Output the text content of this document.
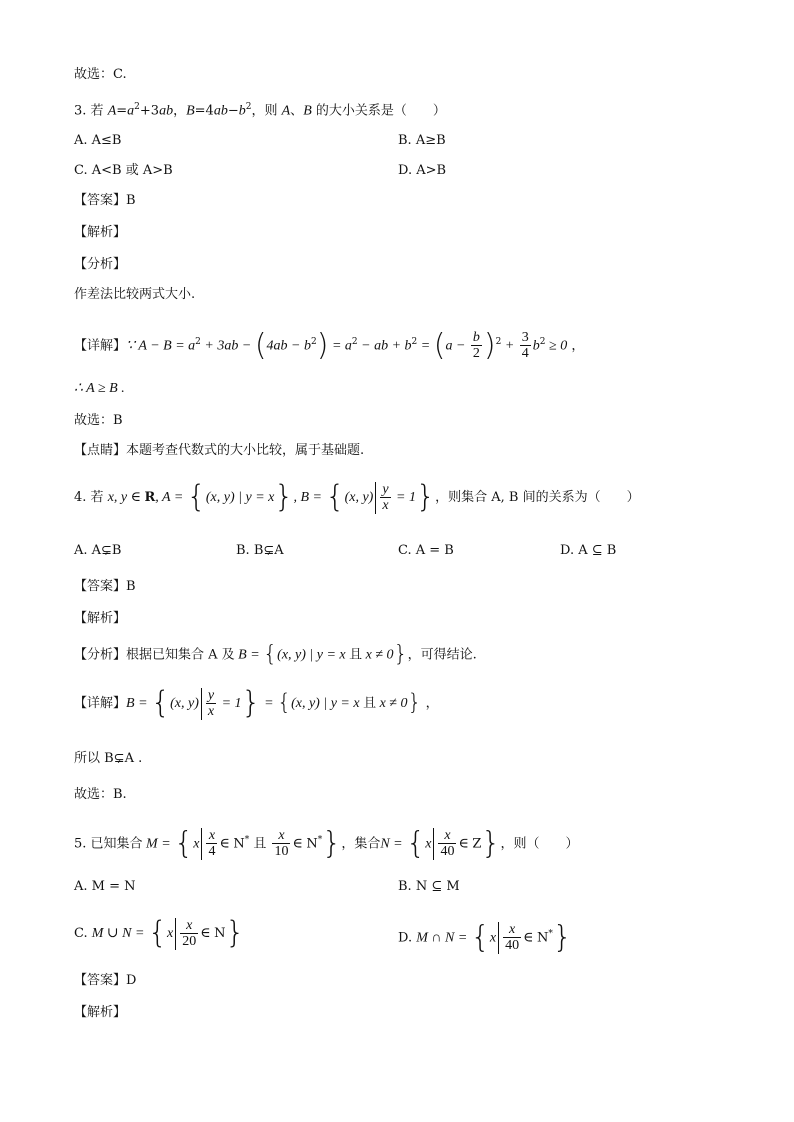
故选：C.
3. 若 $A=a^2+3ab$，$B=4ab-b^2$，则 A、B 的大小关系是（　　）
A. A≤B	B. A≥B
C. A<B 或 A>B	D. A>B
【答案】B
【解析】
【分析】
作差法比较两式大小.
【详解】∵ $A - B = a^2 + 3ab - (4ab - b^2) = a^2$ − ab + $b^2 = (a - \frac{b}{2} )^2 + \frac{3}{4} b^2 \ge 0$ ，
∴ A ≥ B .
故选：B
【点睛】本题考查代数式的大小比较，属于基础题.
4. 若 x, y ∈ R, A = {(x, y) | y = x}, B = {(x, $y) \frac{y}{x} = 1$}，则集合 A, B 间的关系为（　　）
A. A⊊B	B. B⊊A	C. A = B	D. A ⊆ B
【答案】B
【解析】
【分析】根据已知集合 A 及 B = {(x, y) | y = x 且 x ≠ 0}，可得结论.
【详解】B = {(x, $y) \frac{y}{x} = 1\} = \{(x$, y) | y = x 且 x ≠ 0} ，
所以 B⊊A .
故选：B.
5. 已知集合 $M = \{x \frac{x}{4}$ ∈ N* 且 $\frac{x}{10}$ ∈ N*}，集合$N = \{x \frac{x}{40}$ ∈ Z}，则（　　）
A. M = N	B. N ⊆ M
C. M ∪ $N = \{x \frac{x}{20}$ ∈ N}	D. M ∩ $N = \{x \frac{x}{40}$ ∈ N*}
【答案】D
【解析】
